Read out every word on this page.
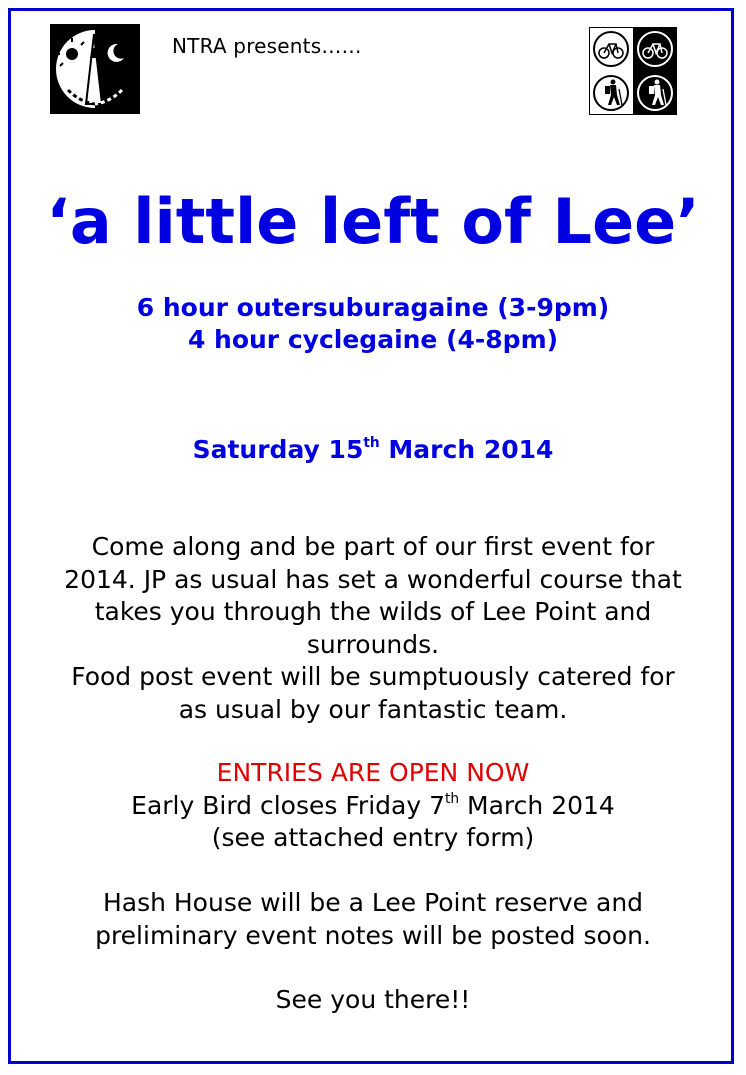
NTRA presents……
‘a little left of Lee’
6 hour outersuburagaine (3-9pm)
4 hour cyclegaine (4-8pm)
Saturday 15th March 2014
Come along and be part of our first event for
2014. JP as usual has set a wonderful course that
takes you through the wilds of Lee Point and
surrounds.
Food post event will be sumptuously catered for
as usual by our fantastic team.
ENTRIES ARE OPEN NOW
Early Bird closes Friday 7th March 2014
(see attached entry form)
Hash House will be a Lee Point reserve and
preliminary event notes will be posted soon.
See you there!!
